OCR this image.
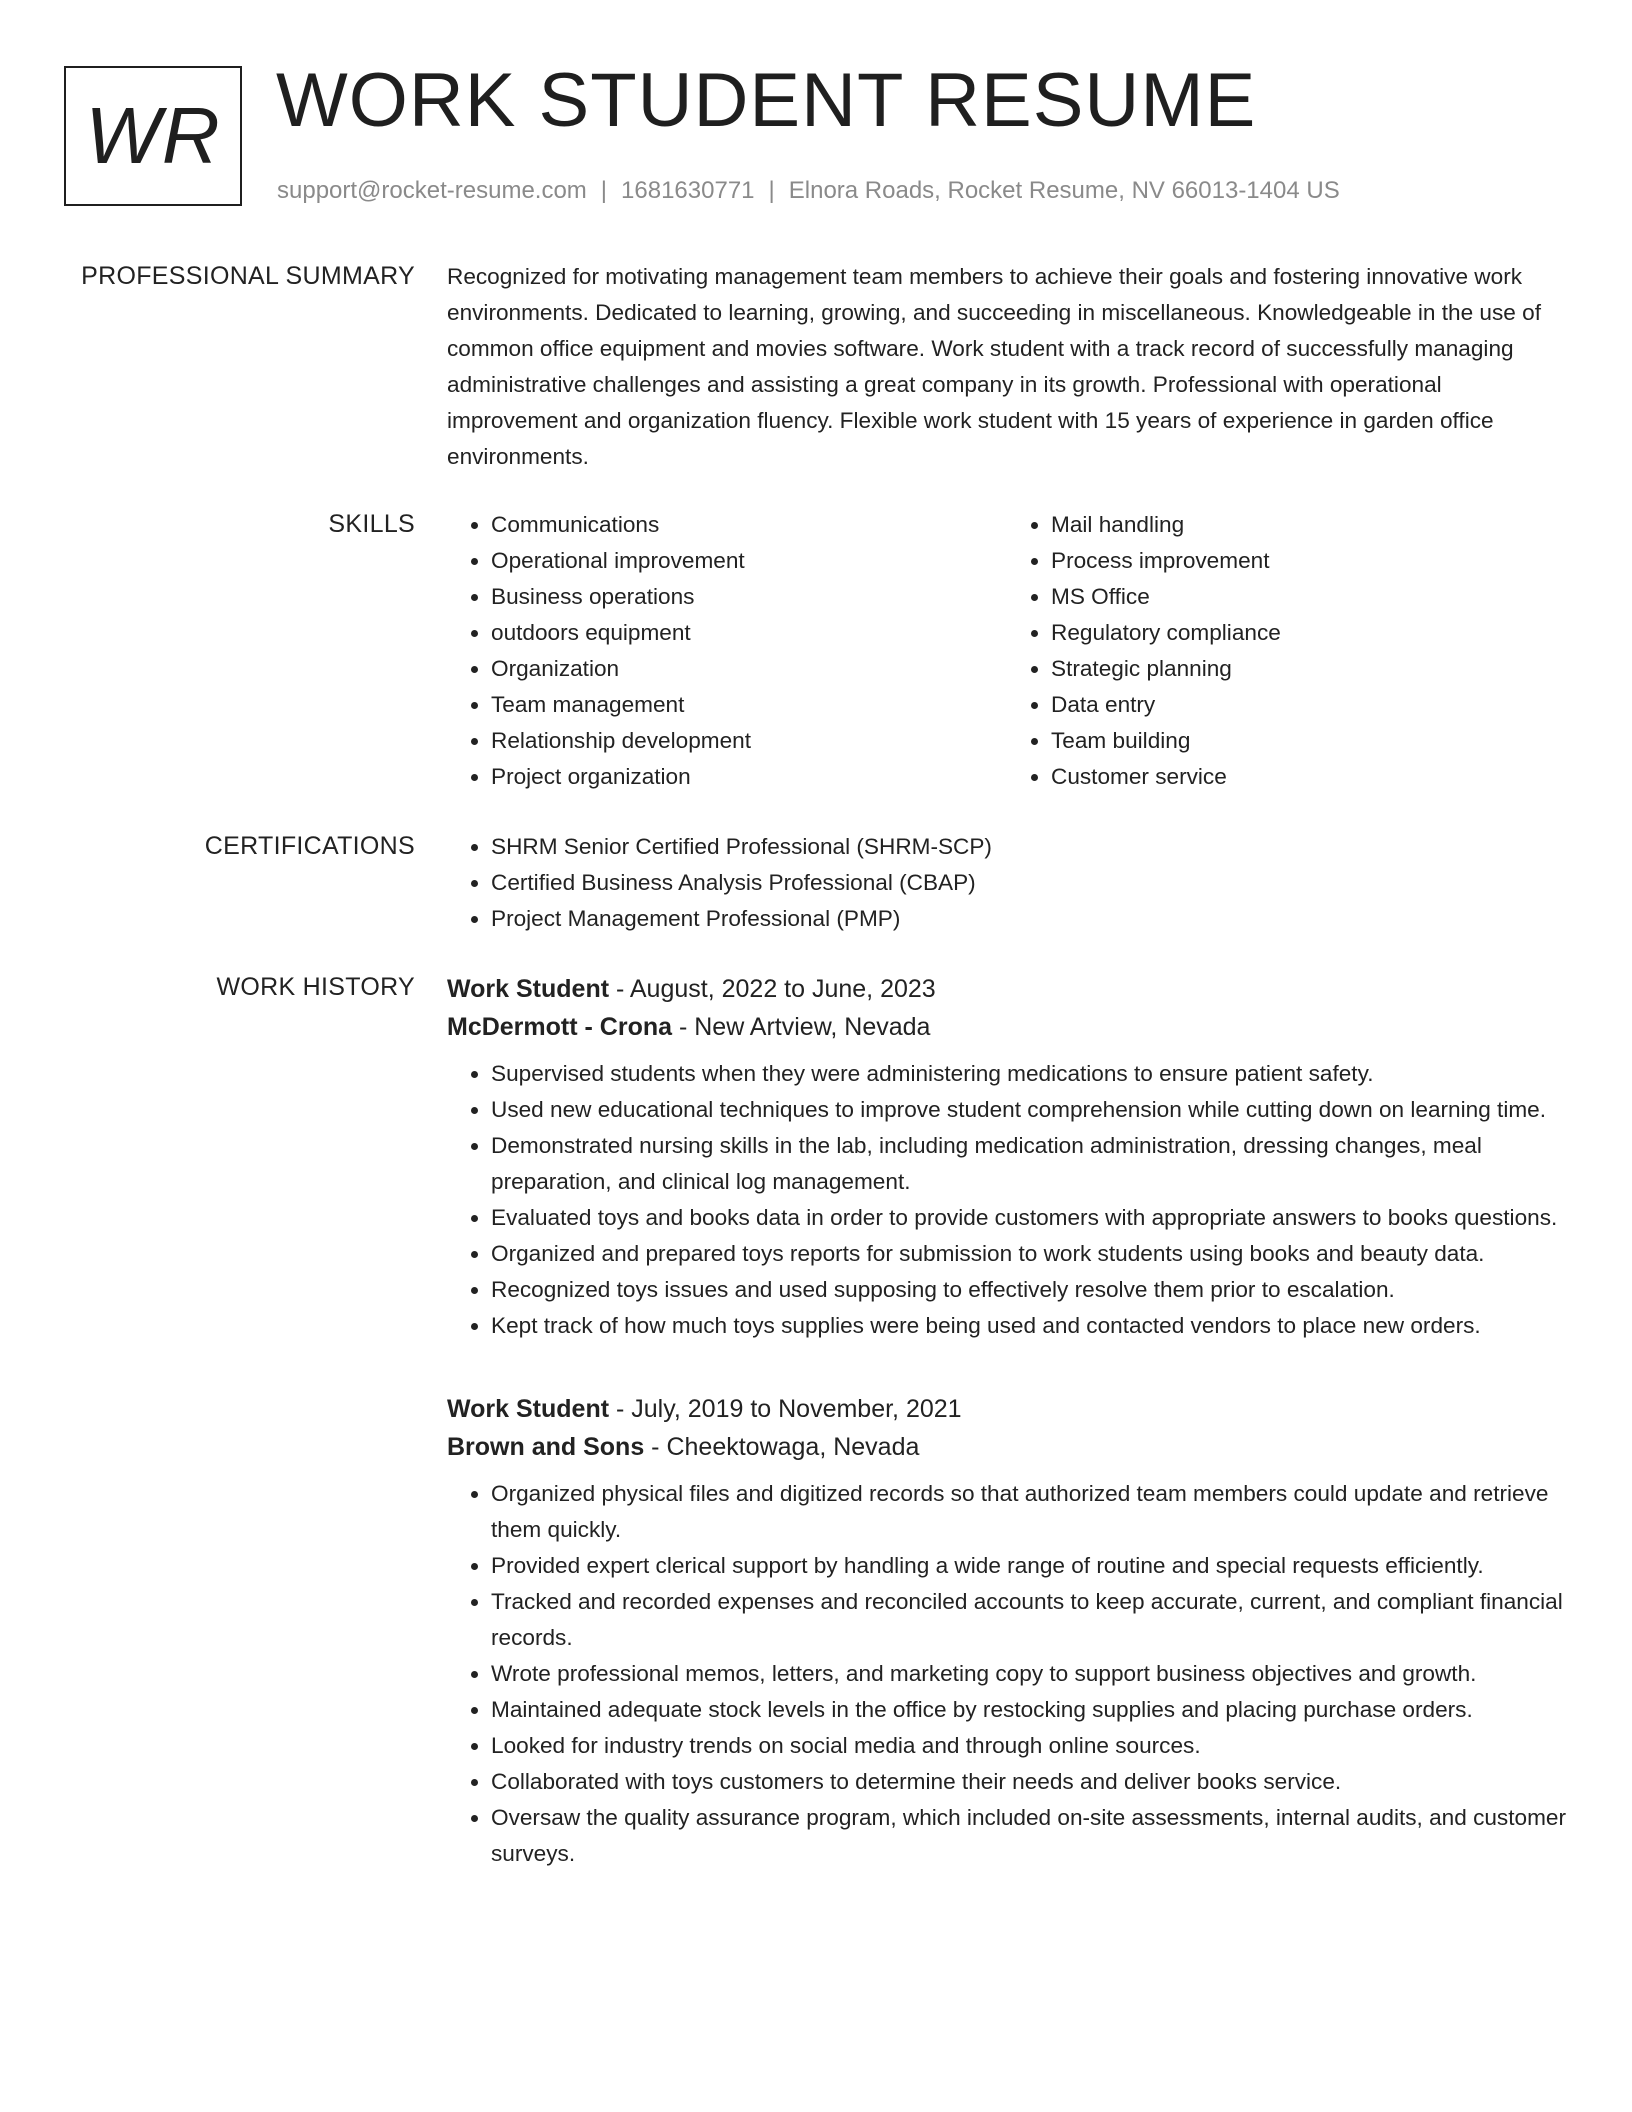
WR WORK STUDENT RESUME
support@rocket-resume.com | 1681630771 | Elnora Roads, Rocket Resume, NV 66013-1404 US
PROFESSIONAL SUMMARY Recognized for motivating management team members to achieve their goals and fostering innovative work environments. Dedicated to learning, growing, and succeeding in miscellaneous. Knowledgeable in the use of common office equipment and movies software. Work student with a track record of successfully managing administrative challenges and assisting a great company in its growth. Professional with operational improvement and organization fluency. Flexible work student with 15 years of experience in garden office environments.

SKILLS	• Communications
• Operational improvement
• Business operations
• outdoors equipment
• Organization
• Team management
• Relationship development
• Project organization
• Mail handling
• Process improvement
• MS Office
• Regulatory compliance
• Strategic planning
• Data entry
• Team building
• Customer service
CERTIFICATIONS	• SHRM Senior Certified Professional (SHRM-SCP)
• Certified Business Analysis Professional (CBAP)
• Project Management Professional (PMP)
WORK HISTORY Work Student - August, 2022 to June, 2023
McDermott - Crona - New Artview, Nevada
• Supervised students when they were administering medications to ensure patient safety.
• Used new educational techniques to improve student comprehension while cutting down on learning time.
• Demonstrated nursing skills in the lab, including medication administration, dressing changes, meal preparation, and clinical log management.
• Evaluated toys and books data in order to provide customers with appropriate answers to books questions.
• Organized and prepared toys reports for submission to work students using books and beauty data.
• Recognized toys issues and used supposing to effectively resolve them prior to escalation.
• Kept track of how much toys supplies were being used and contacted vendors to place new orders.
Work Student - July, 2019 to November, 2021
Brown and Sons - Cheektowaga, Nevada
• Organized physical files and digitized records so that authorized team members could update and retrieve them quickly.
• Provided expert clerical support by handling a wide range of routine and special requests efficiently.
• Tracked and recorded expenses and reconciled accounts to keep accurate, current, and compliant financial records.
• Wrote professional memos, letters, and marketing copy to support business objectives and growth.
• Maintained adequate stock levels in the office by restocking supplies and placing purchase orders.
• Looked for industry trends on social media and through online sources.
• Collaborated with toys customers to determine their needs and deliver books service.
• Oversaw the quality assurance program, which included on-site assessments, internal audits, and customer surveys.
